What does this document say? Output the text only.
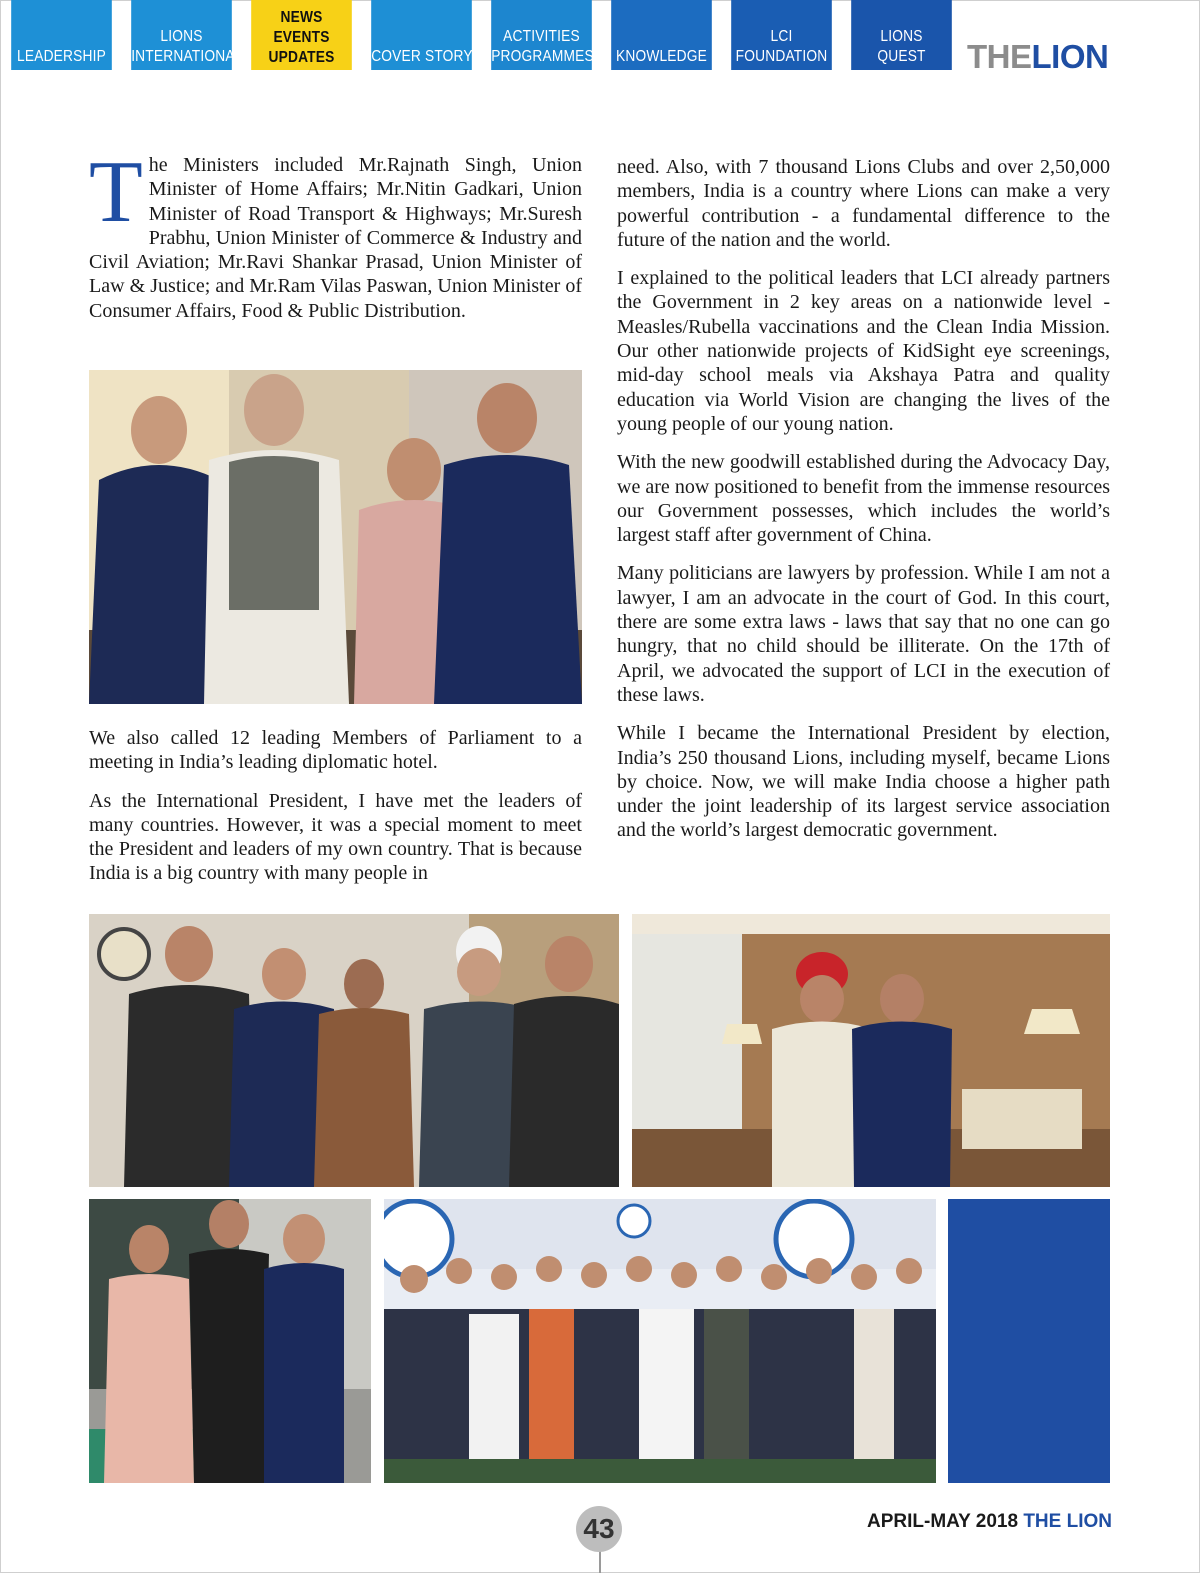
LEADERSHIP
LIONS
INTERNATIONAL
NEWS
EVENTS
UPDATES	COVER STORY
ACTIVITIES
PROGRAMMES KNOWLEDGE
LCI
FOUNDATION
LIONS
QUEST	THELION

The Ministers included Mr.Rajnath Singh, Union Minister of Home Affairs; Mr.Nitin Gadkari, Union Minister of Road Transport & Highways; Mr.Suresh Prabhu, Union Minister of Commerce & Industry and Civil Aviation; Mr.Ravi Shankar Prasad, Union Minister of Law & Justice; and Mr.Ram Vilas Paswan, Union Minister of Consumer Affairs, Food & Public Distribution.

We also called 12 leading Members of Parliament to a meeting in India’s leading diplomatic hotel.

As the International President, I have met the leaders of many countries. However, it was a special moment to meet the President and leaders of my own country. That is because India is a big country with many people in

need. Also, with 7 thousand Lions Clubs and over 2,50,000 members, India is a country where Lions can make a very powerful contribution - a fundamental difference to the future of the nation and the world.

I explained to the political leaders that LCI already partners the Government in 2 key areas on a nationwide level - Measles/Rubella vaccinations and the Clean India Mission. Our other nationwide projects of KidSight eye screenings, mid-day school meals via Akshaya Patra and quality education via World Vision are changing the lives of the young people of our young nation.

With the new goodwill established during the Advocacy Day, we are now positioned to benefit from the immense resources our Government possesses, which includes the world’s largest staff after government of China.

Many politicians are lawyers by profession. While I am not a lawyer, I am an advocate in the court of God. In this court, there are some extra laws - laws that say that no one can go hungry, that no child should be illiterate. On the 17th of April, we advocated the support of LCI in the execution of these laws.

While I became the International President by election, India’s 250 thousand Lions, including myself, became Lions by choice. Now, we will make India choose a higher path under the joint leadership of its largest service association and the world’s largest democratic government.

43	APRIL-MAY 2018 THE LION
